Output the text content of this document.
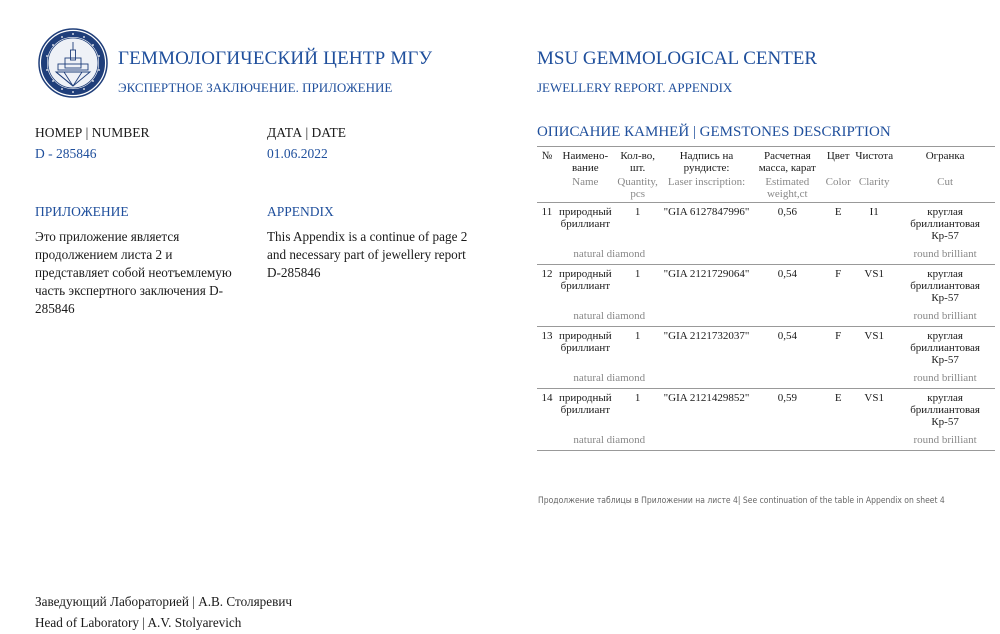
ГЕММОЛОГИЧЕСКИЙ ЦЕНТР МГУ
ЭКСПЕРТНОЕ ЗАКЛЮЧЕНИЕ. ПРИЛОЖЕНИЕ
MSU GEMMOLOGICAL CENTER
JEWELLERY REPORT. APPENDIX
НОМЕР | NUMBER
D - 285846
ДАТА | DATE
01.06.2022
ПРИЛОЖЕНИЕ
Это приложение является
продолжением листа 2 и
представляет собой неотъемлемую
часть экспертного заключения D-
285846
APPENDIX
This Appendix is a continue of page 2
and necessary part of jewellery report
D-285846
ОПИСАНИЕ КАМНЕЙ | GEMSTONES DESCRIPTION
№	Наимено-вание	Кол-во, шт.	Надпись на рундисте:	Расчетная масса, карат	Цвет	Чистота	Огранка
	Name	Quantity, pcs	Laser inscription:	Estimated weight,ct	Color	Clarity	Cut
11	природный бриллиант	1	"GIA 6127847996"	0,56	E	I1	круглая бриллиантовая Кр-57
	natural diamond						round brilliant
12	природный бриллиант	1	"GIA 2121729064"	0,54	F	VS1	круглая бриллиантовая Кр-57
	natural diamond						round brilliant
13	природный бриллиант	1	"GIA 2121732037"	0,54	F	VS1	круглая бриллиантовая Кр-57
	natural diamond						round brilliant
14	природный бриллиант	1	"GIA 2121429852"	0,59	E	VS1	круглая бриллиантовая Кр-57
	natural diamond						round brilliant
Продолжение таблицы в Приложении на листе 4| See continuation of the table in Appendix on sheet 4
Заведующий Лабораторией | А.В. Столяревич
Head of Laboratory | A.V. Stolyarevich
